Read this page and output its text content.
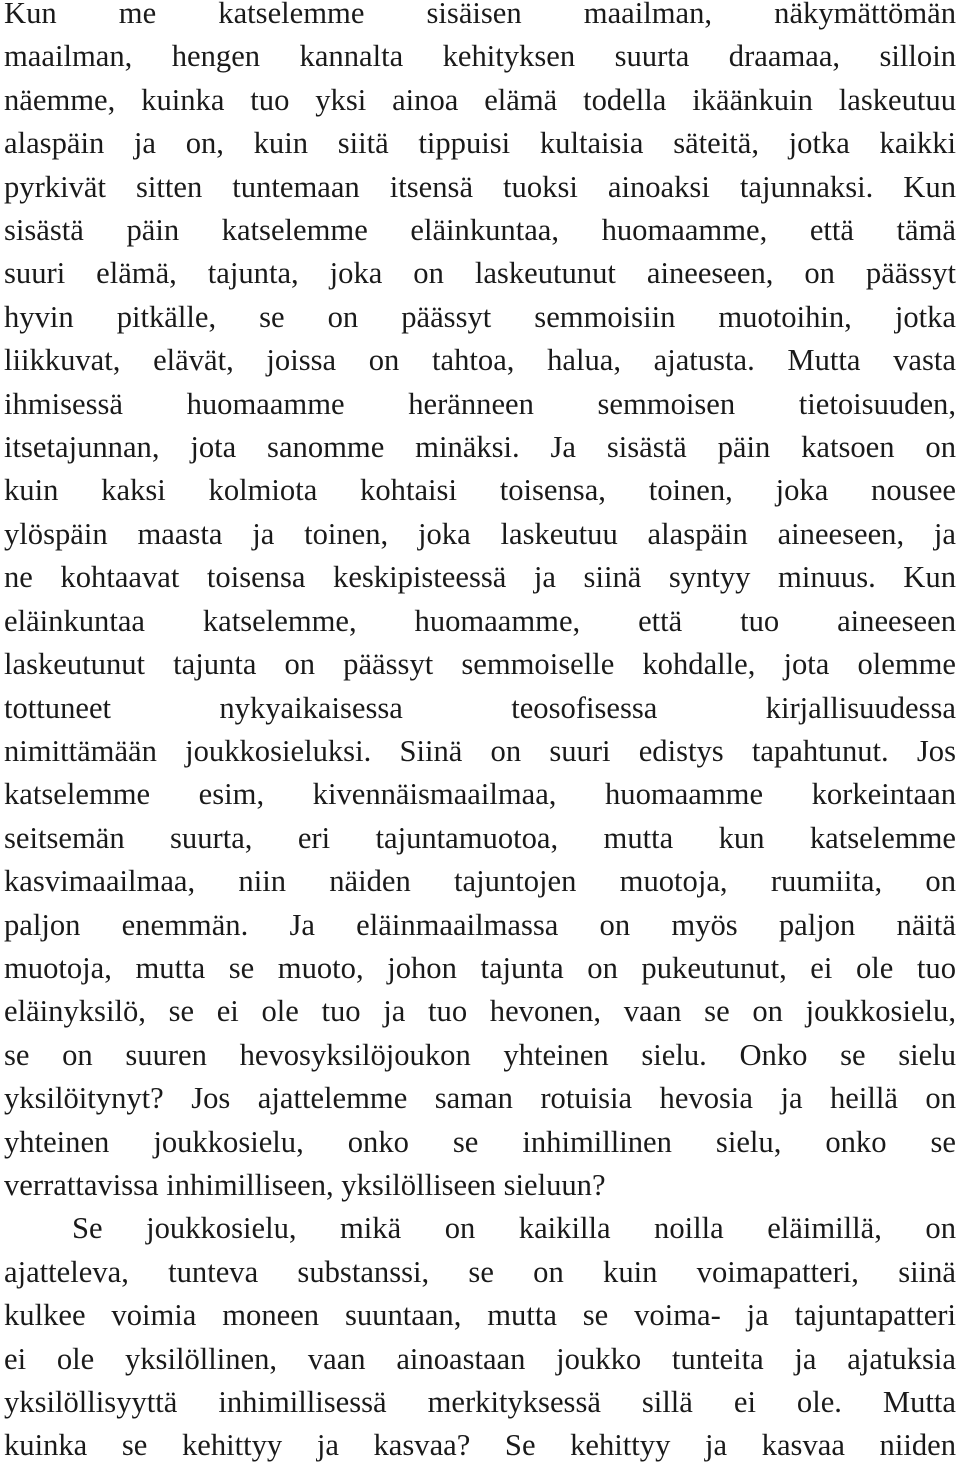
Kun me katselemme sisäisen maailman, näkymättömän
maailman, hengen kannalta kehityksen suurta draamaa, silloin
näemme, kuinka tuo yksi ainoa elämä todella ikäänkuin laskeutuu
alaspäin ja on, kuin siitä tippuisi kultaisia säteitä, jotka kaikki
pyrkivät sitten tuntemaan itsensä tuoksi ainoaksi tajunnaksi. Kun
sisästä päin katselemme eläinkuntaa, huomaamme, että tämä
suuri elämä, tajunta, joka on laskeutunut aineeseen, on päässyt
hyvin pitkälle, se on päässyt semmoisiin muotoihin, jotka
liikkuvat, elävät, joissa on tahtoa, halua, ajatusta. Mutta vasta
ihmisessä huomaamme heränneen semmoisen tietoisuuden,
itsetajunnan, jota sanomme minäksi. Ja sisästä päin katsoen on
kuin kaksi kolmiota kohtaisi toisensa, toinen, joka nousee
ylöspäin maasta ja toinen, joka laskeutuu alaspäin aineeseen, ja
ne kohtaavat toisensa keskipisteessä ja siinä syntyy minuus. Kun
eläinkuntaa katselemme, huomaamme, että tuo aineeseen
laskeutunut tajunta on päässyt semmoiselle kohdalle, jota olemme
tottuneet nykyaikaisessa teosofisessa kirjallisuudessa
nimittämään joukkosieluksi. Siinä on suuri edistys tapahtunut. Jos
katselemme esim, kivennäismaailmaa, huomaamme korkeintaan
seitsemän suurta, eri tajuntamuotoa, mutta kun katselemme
kasvimaailmaa, niin näiden tajuntojen muotoja, ruumiita, on
paljon enemmän. Ja eläinmaailmassa on myös paljon näitä
muotoja, mutta se muoto, johon tajunta on pukeutunut, ei ole tuo
eläinyksilö, se ei ole tuo ja tuo hevonen, vaan se on joukkosielu,
se on suuren hevosyksilöjoukon yhteinen sielu. Onko se sielu
yksilöitynyt? Jos ajattelemme saman rotuisia hevosia ja heillä on
yhteinen joukkosielu, onko se inhimillinen sielu, onko se
verrattavissa inhimilliseen, yksilölliseen sieluun?
Se joukkosielu, mikä on kaikilla noilla eläimillä, on
ajatteleva, tunteva substanssi, se on kuin voimapatteri, siinä
kulkee voimia moneen suuntaan, mutta se voima- ja tajuntapatteri
ei ole yksilöllinen, vaan ainoastaan joukko tunteita ja ajatuksia
yksilöllisyyttä inhimillisessä merkityksessä sillä ei ole. Mutta
kuinka se kehittyy ja kasvaa? Se kehittyy ja kasvaa niiden
